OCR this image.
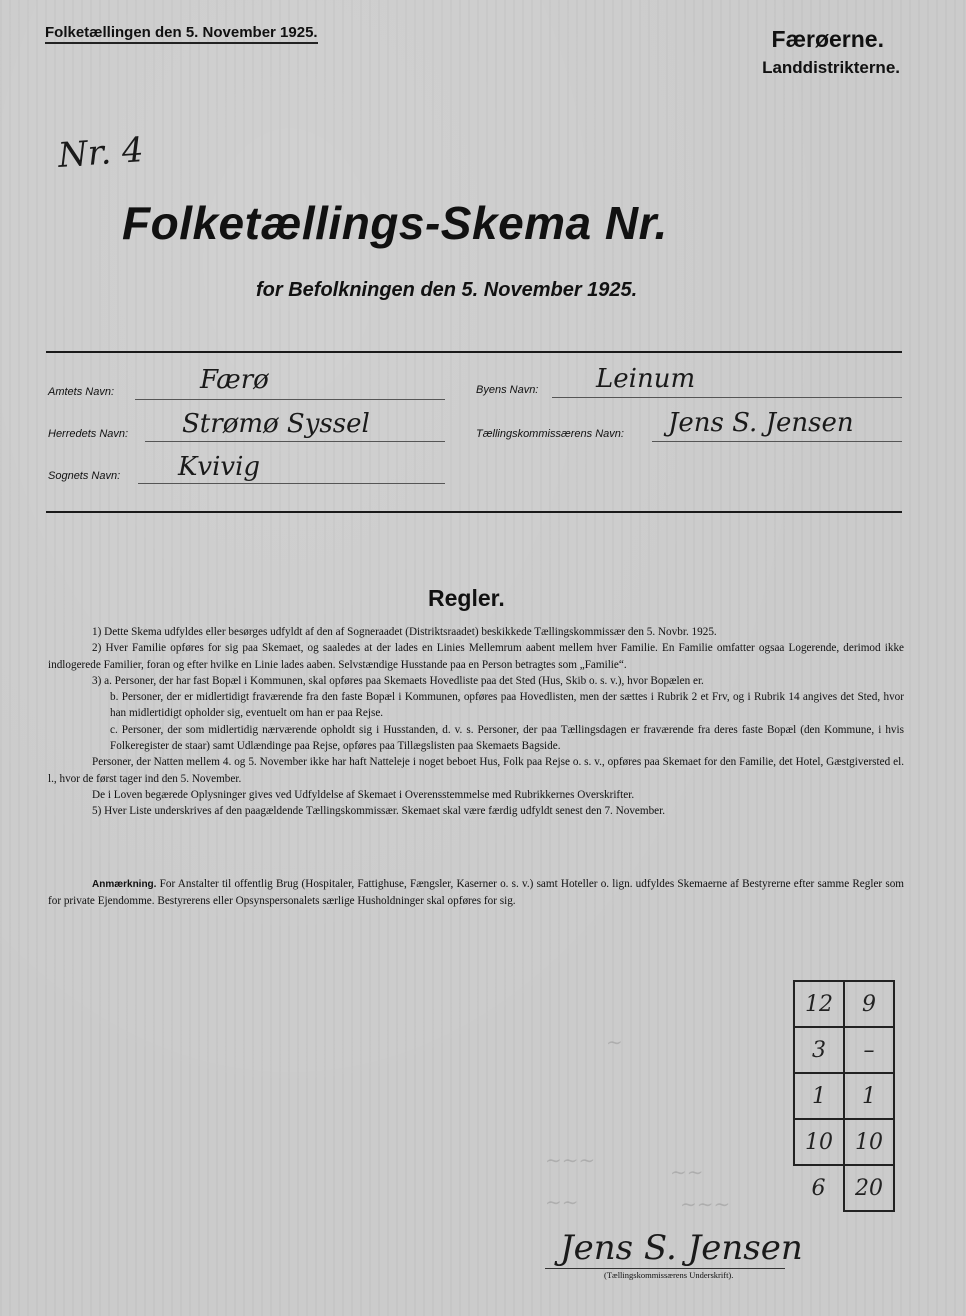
Folketællingen den 5. November 1925.	Færøerne.
Landdistrikterne.
Nr. 4
Folketællings-Skema Nr.
for Befolkningen den 5. November 1925.
Amtets Navn:	Færø
Herredets Navn: Strømø Syssel
Sognets Navn: Kvivig
Byens Navn: Leinum
Tællingskommissærens Navn: Jens S. Jensen
Regler.

1) Dette Skema udfyldes eller besørges udfyldt af den af Sogneraadet (Distriktsraadet) beskikkede Tællingskommissær den 5. Novbr. 1925.

2) Hver Familie opføres for sig paa Skemaet, og saaledes at der lades en Linies Mellemrum aabent mellem hver Familie. En Familie omfatter ogsaa Logerende, derimod ikke indlogerede Familier, foran og efter hvilke en Linie lades aaben. Selvstændige Husstande paa en Person betragtes som „Familie“.

3) a. Personer, der har fast Bopæl i Kommunen, skal opføres paa Skemaets Hovedliste paa det Sted (Hus, Skib o. s. v.), hvor Bopælen er.

b. Personer, der er midlertidigt fraværende fra den faste Bopæl i Kommunen, opføres paa Hovedlisten, men der sættes i Rubrik 2 et Frv, og i Rubrik 14 angives det Sted, hvor han midlertidigt opholder sig, eventuelt om han er paa Rejse.

c. Personer, der som midlertidig nærværende opholdt sig i Husstanden, d. v. s. Personer, der paa Tællingsdagen er fraværende fra deres faste Bopæl (den Kommune, i hvis Folkeregister de staar) samt Udlændinge paa Rejse, opføres paa Tillægslisten paa Skemaets Bagside.

Personer, der Natten mellem 4. og 5. November ikke har haft Natteleje i noget beboet Hus, Folk paa Rejse o. s. v., opføres paa Skemaet for den Familie, det Hotel, Gæstgiversted el. l., hvor de først tager ind den 5. November.

De i Loven begærede Oplysninger gives ved Udfyldelse af Skemaet i Overensstemmelse med Rubrikkernes Overskrifter.

5) Hver Liste underskrives af den paagældende Tællingskommissær. Skemaet skal være færdig udfyldt senest den 7. November.

Anmærkning. For Anstalter til offentlig Brug (Hospitaler, Fattighuse, Fængsler, Kaserner o. s. v.) samt Hoteller o. lign. udfyldes Skemaerne af Bestyrerne efter samme Regler som for private Ejendomme. Bestyrerens eller Opsynspersonalets særlige Husholdninger skal opføres for sig.
∼
∼∼∼	∼∼
∼∼	∼∼∼
12	9
3	–
1	1
10	10
6	20
Jens S. Jensen
(Tællingskommissærens Underskrift).
